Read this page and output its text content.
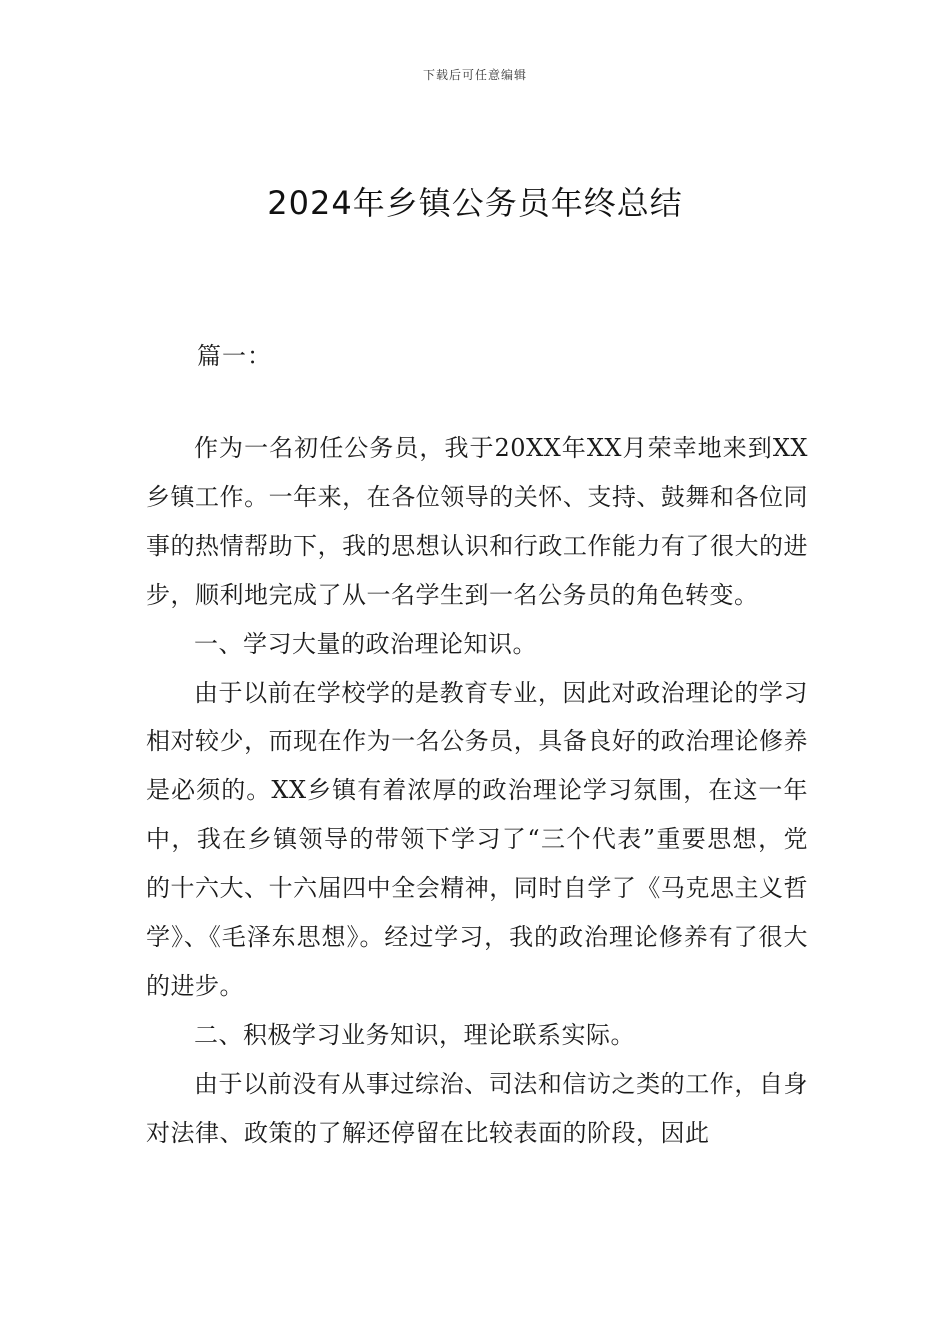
下载后可任意编辑
2024年乡镇公务员年终总结
篇一：

作为一名初任公务员，我于20XX年XX月荣幸地来到XX乡镇工作。一年来，在各位领导的关怀、支持、鼓舞和各位同事的热情帮助下，我的思想认识和行政工作能力有了很大的进步，顺利地完成了从一名学生到一名公务员的角色转变。

一、学习大量的政治理论知识。

由于以前在学校学的是教育专业，因此对政治理论的学习相对较少，而现在作为一名公务员，具备良好的政治理论修养是必须的。XX乡镇有着浓厚的政治理论学习氛围，在这一年中，我在乡镇领导的带领下学习了“三个代表”重要思想，党的十六大、十六届四中全会精神，同时自学了《马克思主义哲学》、《毛泽东思想》。经过学习，我的政治理论修养有了很大的进步。

二、积极学习业务知识，理论联系实际。

由于以前没有从事过综治、司法和信访之类的工作，自身对法律、政策的了解还停留在比较表面的阶段，因此
